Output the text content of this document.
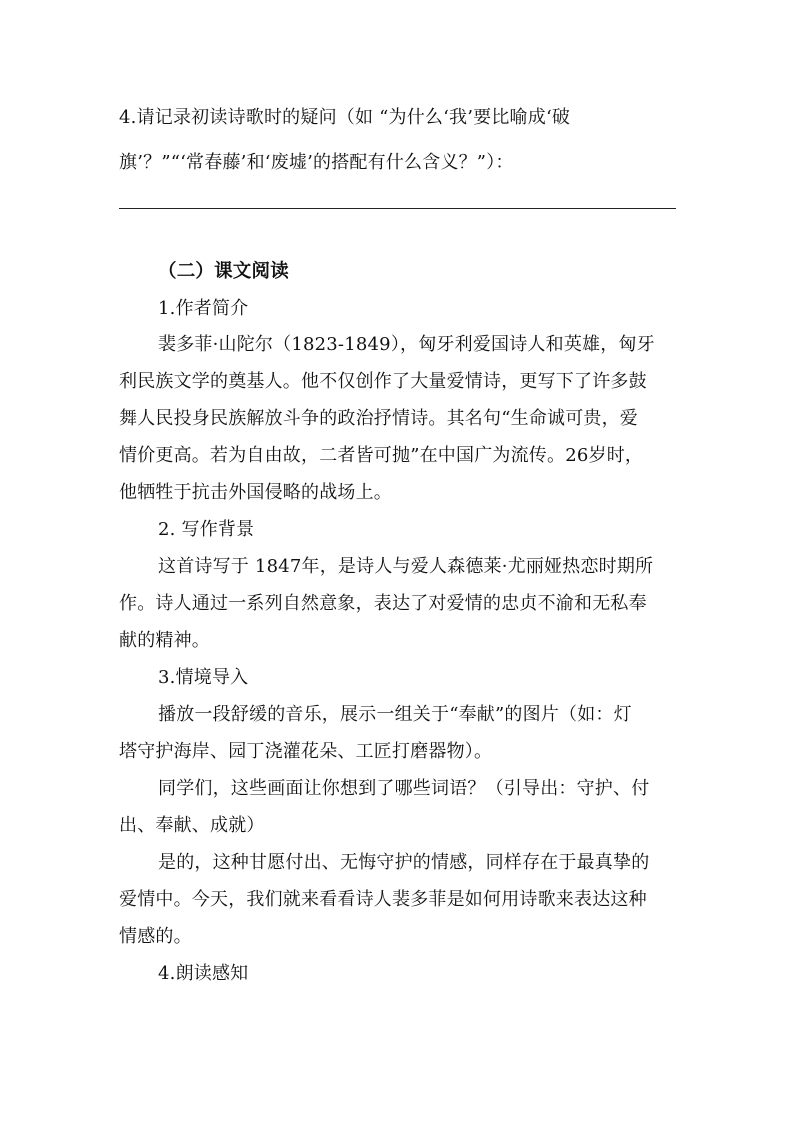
4.请记录初读诗歌时的疑问（如 “为什么‘我’要比喻成‘破
旗’？”“‘常春藤’和‘废墟’的搭配有什么含义？”）：
（二）课文阅读
1.作者简介
裴多菲·山陀尔（1823-1849），匈牙利爱国诗人和英雄，匈牙
利民族文学的奠基人。他不仅创作了大量爱情诗，更写下了许多鼓
舞人民投身民族解放斗争的政治抒情诗。其名句“生命诚可贵，爱
情价更高。若为自由故，二者皆可抛”在中国广为流传。26岁时，
他牺牲于抗击外国侵略的战场上。
2. 写作背景
这首诗写于 1847年，是诗人与爱人森德莱·尤丽娅热恋时期所
作。诗人通过一系列自然意象，表达了对爱情的忠贞不渝和无私奉
献的精神。
3.情境导入
播放一段舒缓的音乐，展示一组关于“奉献”的图片（如：灯
塔守护海岸、园丁浇灌花朵、工匠打磨器物）。
同学们，这些画面让你想到了哪些词语？（引导出：守护、付
出、奉献、成就）
是的，这种甘愿付出、无悔守护的情感，同样存在于最真挚的
爱情中。今天，我们就来看看诗人裴多菲是如何用诗歌来表达这种
情感的。
4.朗读感知
